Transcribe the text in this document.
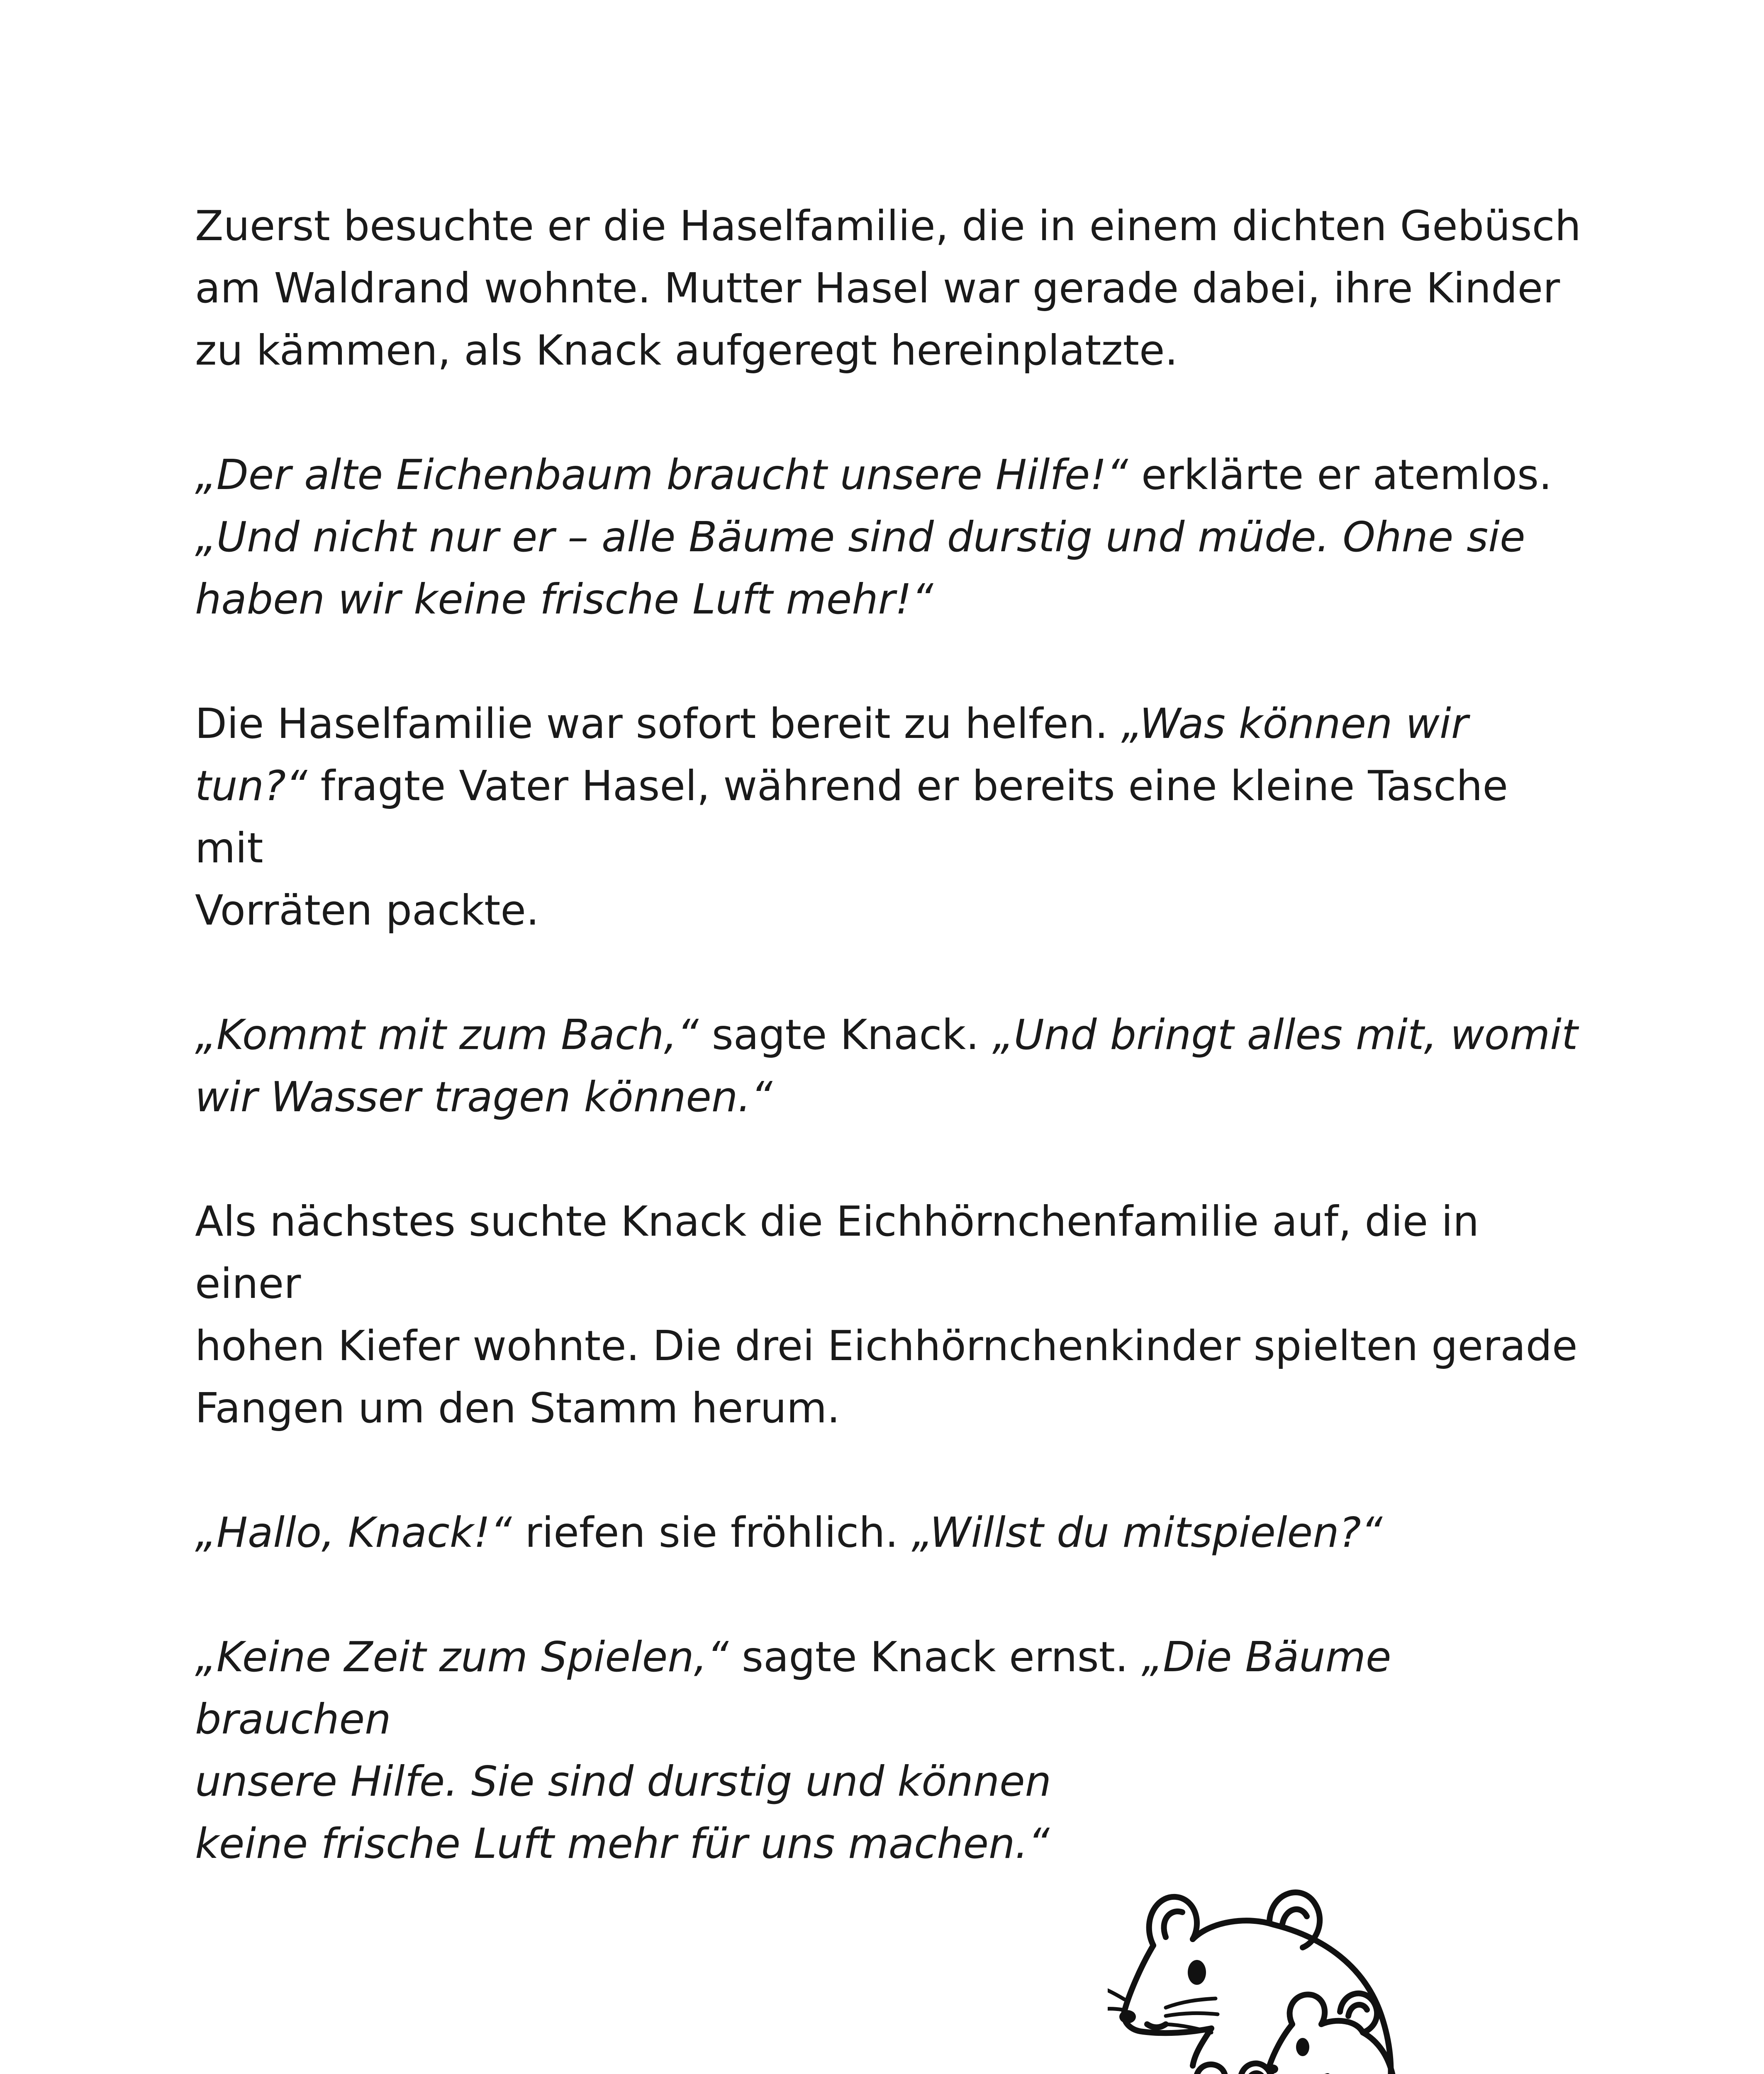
Zuerst besuchte er die Haselfamilie, die in einem dichten Gebüsch
am Waldrand wohnte. Mutter Hasel war gerade dabei, ihre Kinder
zu kämmen, als Knack aufgeregt hereinplatzte.

„Der alte Eichenbaum braucht unsere Hilfe!“ erklärte er atemlos.
„Und nicht nur er – alle Bäume sind durstig und müde. Ohne sie
haben wir keine frische Luft mehr!“

Die Haselfamilie war sofort bereit zu helfen. „Was können wir
tun?“ fragte Vater Hasel, während er bereits eine kleine Tasche mit
Vorräten packte.

„Kommt mit zum Bach,“ sagte Knack. „Und bringt alles mit, womit
wir Wasser tragen können.“

Als nächstes suchte Knack die Eichhörnchenfamilie auf, die in einer
hohen Kiefer wohnte. Die drei Eichhörnchenkinder spielten gerade
Fangen um den Stamm herum.

„Hallo, Knack!“ riefen sie fröhlich. „Willst du mitspielen?“

„Keine Zeit zum Spielen,“ sagte Knack ernst. „Die Bäume brauchen
unsere Hilfe. Sie sind durstig und können
keine frische Luft mehr für uns machen.“
